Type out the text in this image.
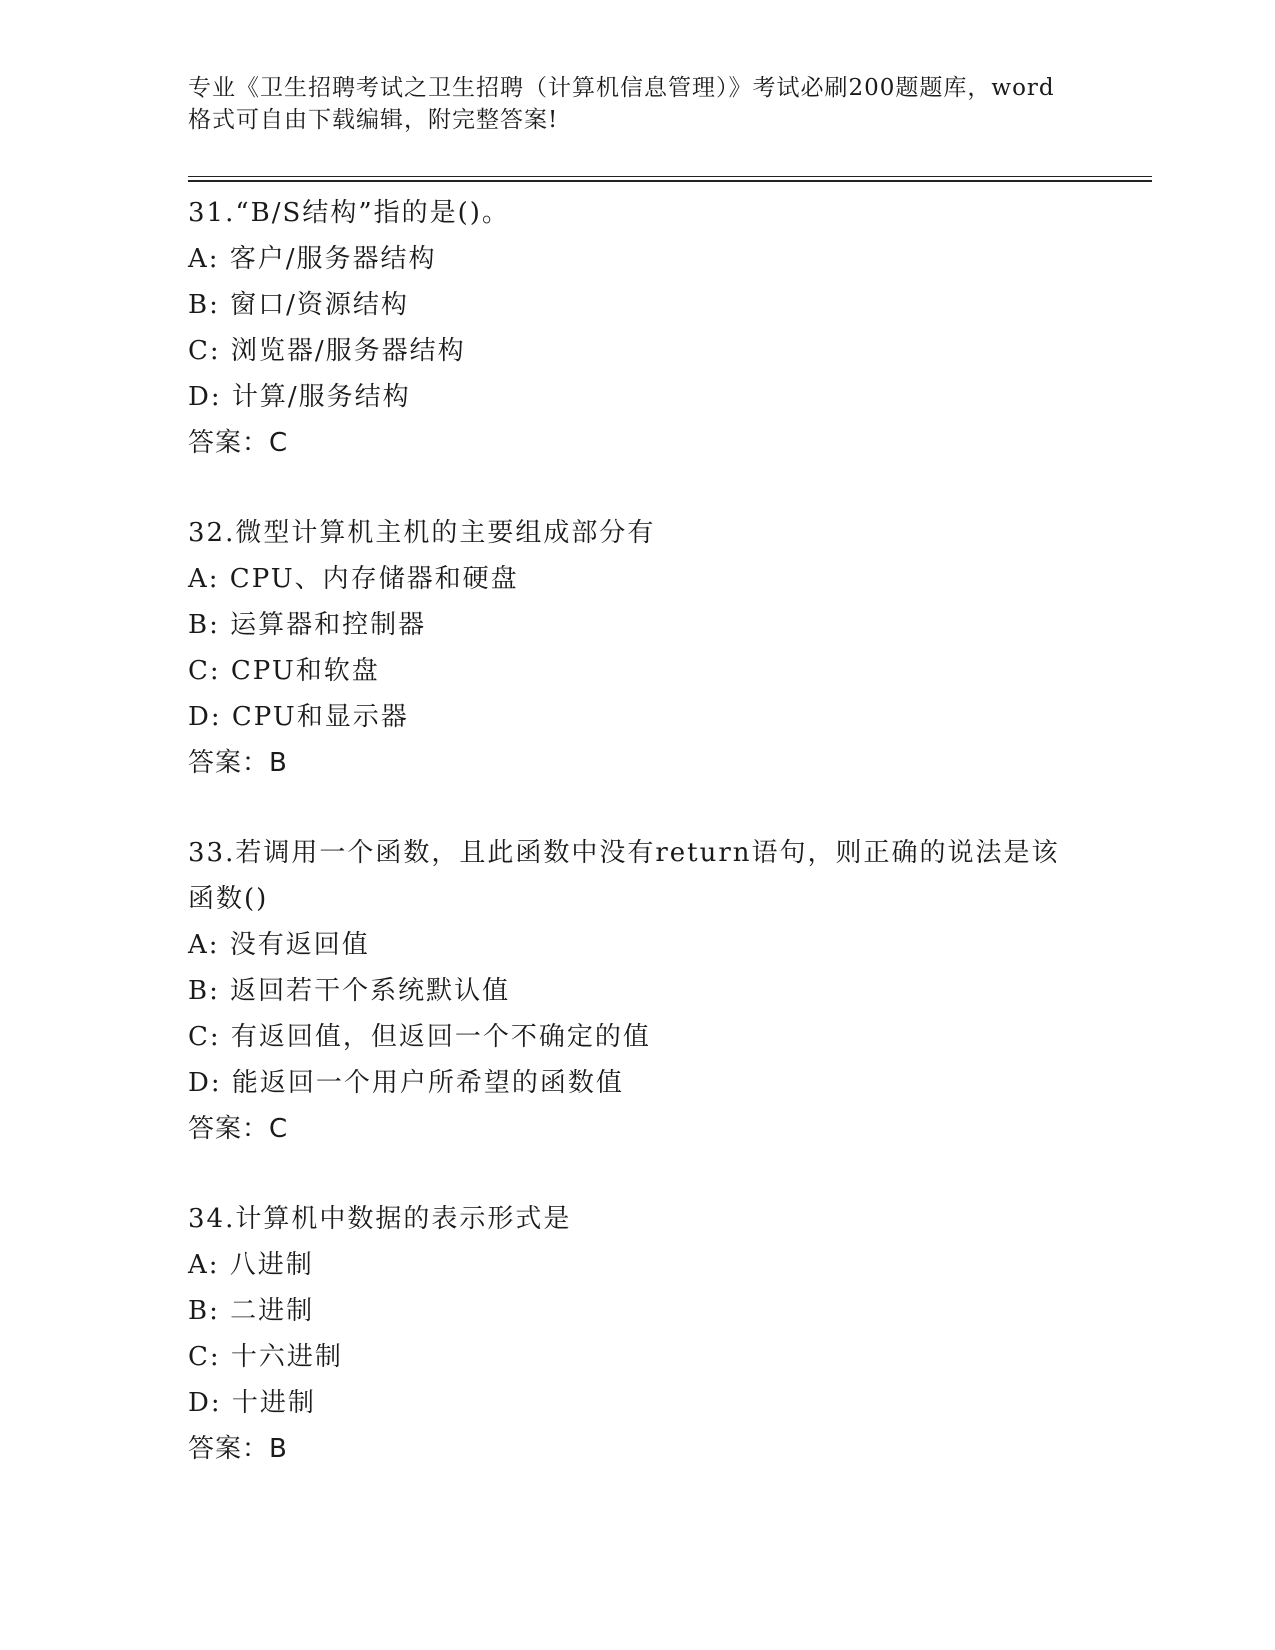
专业《卫生招聘考试之卫生招聘（计算机信息管理）》考试必刷200题题库，word
格式可自由下载编辑，附完整答案!
31.“B/S结构”指的是()。
A: 客户/服务器结构
B: 窗口/资源结构
C: 浏览器/服务器结构
D: 计算/服务结构
答案：C
32.微型计算机主机的主要组成部分有
A: CPU、内存储器和硬盘
B: 运算器和控制器
C: CPU和软盘
D: CPU和显示器
答案：B
33.若调用一个函数，且此函数中没有return语句，则正确的说法是该函数()
A: 没有返回值
B: 返回若干个系统默认值
C: 有返回值，但返回一个不确定的值
D: 能返回一个用户所希望的函数值
答案：C
34.计算机中数据的表示形式是
A: 八进制
B: 二进制
C: 十六进制
D: 十进制
答案：B
